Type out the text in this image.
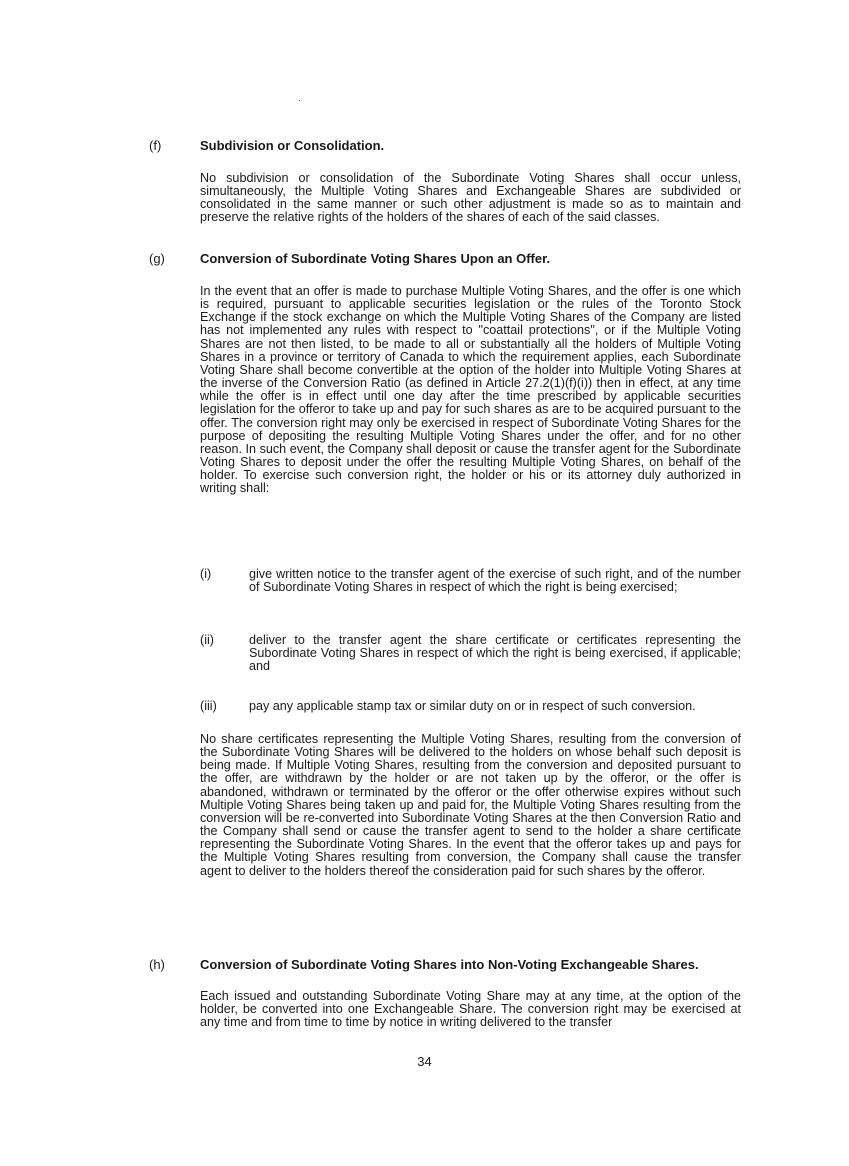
(f)	Subdivision or Consolidation.

No subdivision or consolidation of the Subordinate Voting Shares shall occur unless, simultaneously, the Multiple Voting Shares and Exchangeable Shares are subdivided or consolidated in the same manner or such other adjustment is made so as to maintain and preserve the relative rights of the holders of the shares of each of the said classes.

(g)	Conversion of Subordinate Voting Shares Upon an Offer.

In the event that an offer is made to purchase Multiple Voting Shares, and the offer is one which is required, pursuant to applicable securities legislation or the rules of the Toronto Stock Exchange if the stock exchange on which the Multiple Voting Shares of the Company are listed has not implemented any rules with respect to "coattail protections", or if the Multiple Voting Shares are not then listed, to be made to all or substantially all the holders of Multiple Voting Shares in a province or territory of Canada to which the requirement applies, each Subordinate Voting Share shall become convertible at the option of the holder into Multiple Voting Shares at the inverse of the Conversion Ratio (as defined in Article 27.2(1)(f)(i)) then in effect, at any time while the offer is in effect until one day after the time prescribed by applicable securities legislation for the offeror to take up and pay for such shares as are to be acquired pursuant to the offer. The conversion right may only be exercised in respect of Subordinate Voting Shares for the purpose of depositing the resulting Multiple Voting Shares under the offer, and for no other reason. In such event, the Company shall deposit or cause the transfer agent for the Subordinate Voting Shares to deposit under the offer the resulting Multiple Voting Shares, on behalf of the holder. To exercise such conversion right, the holder or his or its attorney duly authorized in writing shall:

(i)	give written notice to the transfer agent of the exercise of such right, and of the number of Subordinate Voting Shares in respect of which the right is being exercised;

(ii)	deliver to the transfer agent the share certificate or certificates representing the Subordinate Voting Shares in respect of which the right is being exercised, if applicable; and

(iii)	pay any applicable stamp tax or similar duty on or in respect of such conversion.

No share certificates representing the Multiple Voting Shares, resulting from the conversion of the Subordinate Voting Shares will be delivered to the holders on whose behalf such deposit is being made. If Multiple Voting Shares, resulting from the conversion and deposited pursuant to the offer, are withdrawn by the holder or are not taken up by the offeror, or the offer is abandoned, withdrawn or terminated by the offeror or the offer otherwise expires without such Multiple Voting Shares being taken up and paid for, the Multiple Voting Shares resulting from the conversion will be re-converted into Subordinate Voting Shares at the then Conversion Ratio and the Company shall send or cause the transfer agent to send to the holder a share certificate representing the Subordinate Voting Shares. In the event that the offeror takes up and pays for the Multiple Voting Shares resulting from conversion, the Company shall cause the transfer agent to deliver to the holders thereof the consideration paid for such shares by the offeror.

(h)	Conversion of Subordinate Voting Shares into Non-Voting Exchangeable Shares.

Each issued and outstanding Subordinate Voting Share may at any time, at the option of the holder, be converted into one Exchangeable Share. The conversion right may be exercised at any time and from time to time by notice in writing delivered to the transfer

34
